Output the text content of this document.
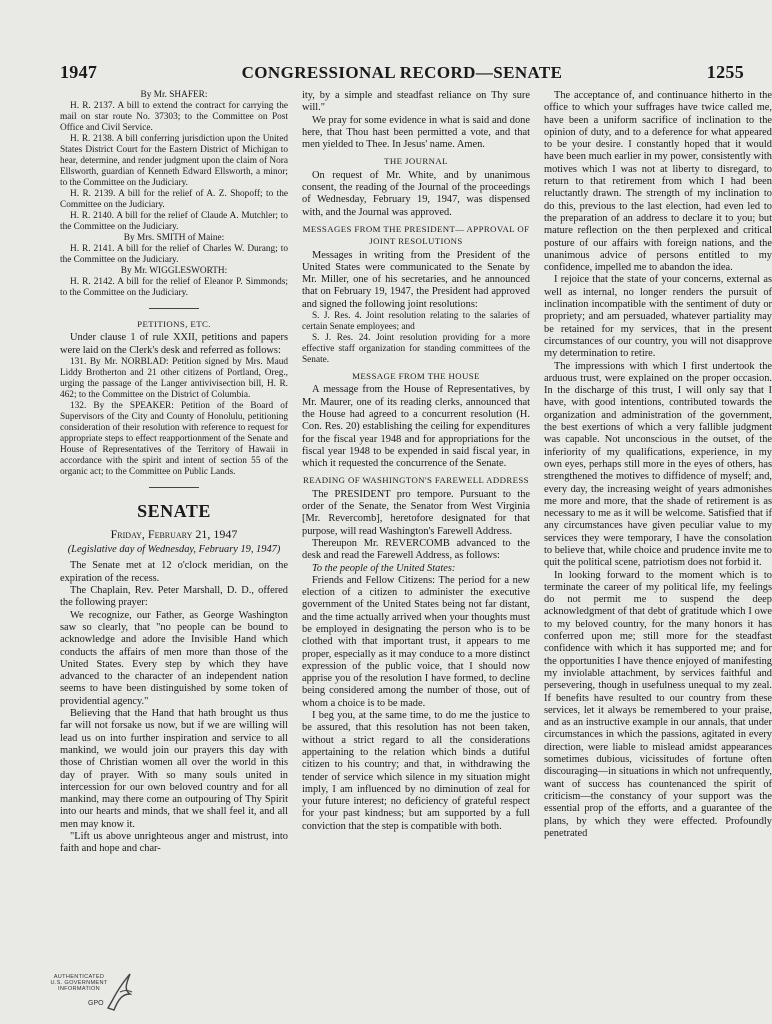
1947	CONGRESSIONAL RECORD—SENATE	1255

By Mr. SHAFER:

H. R. 2137. A bill to extend the contract for carrying the mail on star route No. 37303; to the Committee on Post Office and Civil Service.

H. R. 2138. A bill conferring jurisdiction upon the United States District Court for the Eastern District of Michigan to hear, determine, and render judgment upon the claim of Nora Ellsworth, guardian of Kenneth Edward Ellsworth, a minor; to the Committee on the Judiciary.

H. R. 2139. A bill for the relief of A. Z. Shopoff; to the Committee on the Judiciary.

H. R. 2140. A bill for the relief of Claude A. Mutchler; to the Committee on the Judiciary.

By Mrs. SMITH of Maine:

H. R. 2141. A bill for the relief of Charles W. Durang; to the Committee on the Judiciary.

By Mr. WIGGLESWORTH:

H. R. 2142. A bill for the relief of Eleanor P. Simmonds; to the Committee on the Judiciary.

PETITIONS, ETC.

Under clause 1 of rule XXII, petitions and papers were laid on the Clerk's desk and referred as follows:

131. By Mr. NORBLAD: Petition signed by Mrs. Maud Liddy Brotherton and 21 other citizens of Portland, Oreg., urging the passage of the Langer antivivisection bill, H. R. 462; to the Committee on the District of Columbia.

132. By the SPEAKER: Petition of the Board of Supervisors of the City and County of Honolulu, petitioning consideration of their resolution with reference to request for appropriate steps to effect reapportionment of the Senate and House of Representatives of the Territory of Hawaii in accordance with the spirit and intent of section 55 of the organic act; to the Committee on Public Lands.

SENATE

Friday, February 21, 1947

(Legislative day of Wednesday, February 19, 1947)

The Senate met at 12 o'clock meridian, on the expiration of the recess.

The Chaplain, Rev. Peter Marshall, D. D., offered the following prayer:

We recognize, our Father, as George Washington saw so clearly, that "no people can be bound to acknowledge and adore the Invisible Hand which conducts the affairs of men more than those of the United States. Every step by which they have advanced to the character of an independent nation seems to have been distinguished by some token of providential agency."

Believing that the Hand that hath brought us thus far will not forsake us now, but if we are willing will lead us on into further inspiration and service to all mankind, we would join our prayers this day with those of Christian women all over the world in this day of prayer. With so many souls united in intercession for our own beloved country and for all mankind, may there come an outpouring of Thy Spirit into our hearts and minds, that we shall feel it, and all men may know it.

"Lift us above unrighteous anger and mistrust, into faith and hope and char-

ity, by a simple and steadfast reliance on Thy sure will."

We pray for some evidence in what is said and done here, that Thou hast been permitted a vote, and that men yielded to Thee. In Jesus' name. Amen.

THE JOURNAL

On request of Mr. White, and by unanimous consent, the reading of the Journal of the proceedings of Wednesday, February 19, 1947, was dispensed with, and the Journal was approved.

MESSAGES FROM THE PRESIDENT— APPROVAL OF JOINT RESOLUTIONS

Messages in writing from the President of the United States were communicated to the Senate by Mr. Miller, one of his secretaries, and he announced that on February 19, 1947, the President had approved and signed the following joint resolutions:

S. J. Res. 4. Joint resolution relating to the salaries of certain Senate employees; and

S. J. Res. 24. Joint resolution providing for a more effective staff organization for standing committees of the Senate.

MESSAGE FROM THE HOUSE

A message from the House of Representatives, by Mr. Maurer, one of its reading clerks, announced that the House had agreed to a concurrent resolution (H. Con. Res. 20) establishing the ceiling for expenditures for the fiscal year 1948 and for appropriations for the fiscal year 1948 to be expended in said fiscal year, in which it requested the concurrence of the Senate.

READING OF WASHINGTON'S FAREWELL ADDRESS

The PRESIDENT pro tempore. Pursuant to the order of the Senate, the Senator from West Virginia [Mr. Revercomb], heretofore designated for that purpose, will read Washington's Farewell Address.

Thereupon Mr. REVERCOMB advanced to the desk and read the Farewell Address, as follows:

To the people of the United States:

Friends and Fellow Citizens: The period for a new election of a citizen to administer the executive government of the United States being not far distant, and the time actually arrived when your thoughts must be employed in designating the person who is to be clothed with that important trust, it appears to me proper, especially as it may conduce to a more distinct expression of the public voice, that I should now apprise you of the resolution I have formed, to decline being considered among the number of those, out of whom a choice is to be made.

I beg you, at the same time, to do me the justice to be assured, that this resolution has not been taken, without a strict regard to all the considerations appertaining to the relation which binds a dutiful citizen to his country; and that, in withdrawing the tender of service which silence in my situation might imply, I am influenced by no diminution of zeal for your future interest; no deficiency of grateful respect for your past kindness; but am supported by a full conviction that the step is compatible with both.

The acceptance of, and continuance hitherto in the office to which your suffrages have twice called me, have been a uniform sacrifice of inclination to the opinion of duty, and to a deference for what appeared to be your desire. I constantly hoped that it would have been much earlier in my power, consistently with motives which I was not at liberty to disregard, to return to that retirement from which I had been reluctantly drawn. The strength of my inclination to do this, previous to the last election, had even led to the preparation of an address to declare it to you; but mature reflection on the then perplexed and critical posture of our affairs with foreign nations, and the unanimous advice of persons entitled to my confidence, impelled me to abandon the idea.

I rejoice that the state of your concerns, external as well as internal, no longer renders the pursuit of inclination incompatible with the sentiment of duty or propriety; and am persuaded, whatever partiality may be retained for my services, that in the present circumstances of our country, you will not disapprove my determination to retire.

The impressions with which I first undertook the arduous trust, were explained on the proper occasion. In the discharge of this trust, I will only say that I have, with good intentions, contributed towards the organization and administration of the government, the best exertions of which a very fallible judgment was capable. Not unconscious in the outset, of the inferiority of my qualifications, experience, in my own eyes, perhaps still more in the eyes of others, has strengthened the motives to diffidence of myself; and, every day, the increasing weight of years admonishes me more and more, that the shade of retirement is as necessary to me as it will be welcome. Satisfied that if any circumstances have given peculiar value to my services they were temporary, I have the consolation to believe that, while choice and prudence invite me to quit the political scene, patriotism does not forbid it.

In looking forward to the moment which is to terminate the career of my political life, my feelings do not permit me to suspend the deep acknowledgment of that debt of gratitude which I owe to my beloved country, for the many honors it has conferred upon me; still more for the steadfast confidence with which it has supported me; and for the opportunities I have thence enjoyed of manifesting my inviolable attachment, by services faithful and persevering, though in usefulness unequal to my zeal. If benefits have resulted to our country from these services, let it always be remembered to your praise, and as an instructive example in our annals, that under circumstances in which the passions, agitated in every direction, were liable to mislead amidst appearances sometimes dubious, vicissitudes of fortune often discouraging—in situations in which not unfrequently, want of success has countenanced the spirit of criticism—the constancy of your support was the essential prop of the efforts, and a guarantee of the plans, by which they were effected. Profoundly penetrated

AUTHENTICATED U.S. GOVERNMENT INFORMATION
GPO
